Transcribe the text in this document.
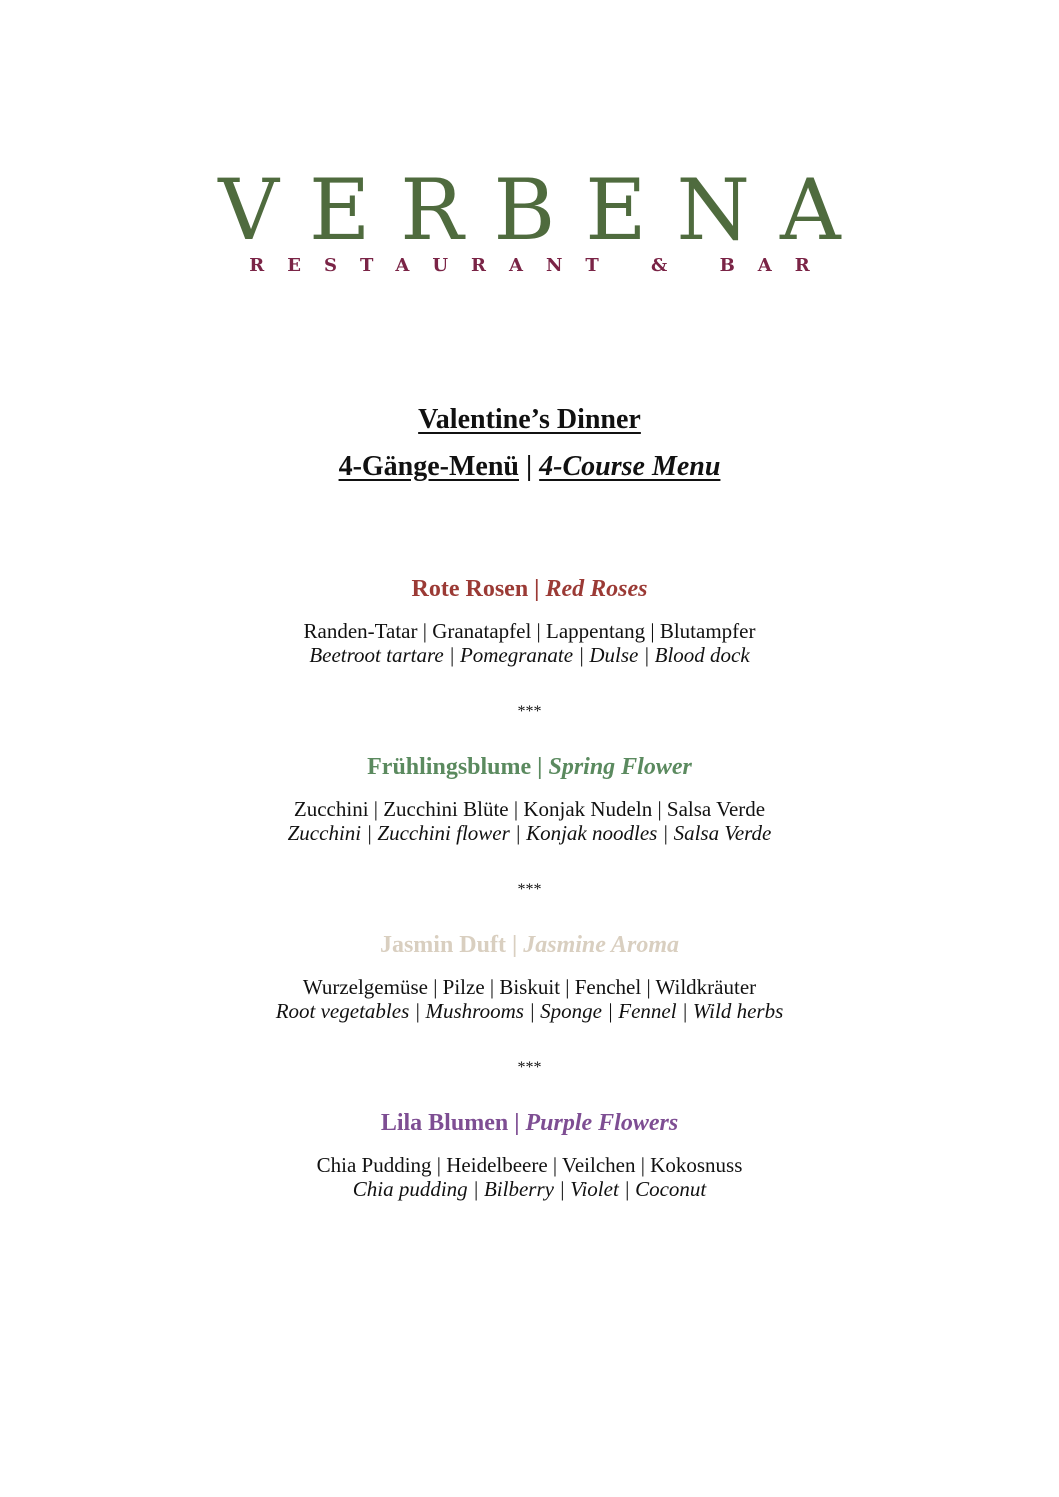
VERBENA
RESTAURANT & BAR
Valentine’s Dinner
4-Gänge-Menü | 4-Course Menu
Rote Rosen | Red Roses
Randen-Tatar | Granatapfel | Lappentang | Blutampfer
Beetroot tartare | Pomegranate | Dulse | Blood dock
***
Frühlingsblume | Spring Flower
Zucchini | Zucchini Blüte | Konjak Nudeln | Salsa Verde
Zucchini | Zucchini flower | Konjak noodles | Salsa Verde
***
Jasmin Duft | Jasmine Aroma
Wurzelgemüse | Pilze | Biskuit | Fenchel | Wildkräuter
Root vegetables | Mushrooms | Sponge | Fennel | Wild herbs
***
Lila Blumen | Purple Flowers
Chia Pudding | Heidelbeere | Veilchen | Kokosnuss
Chia pudding | Bilberry | Violet | Coconut
